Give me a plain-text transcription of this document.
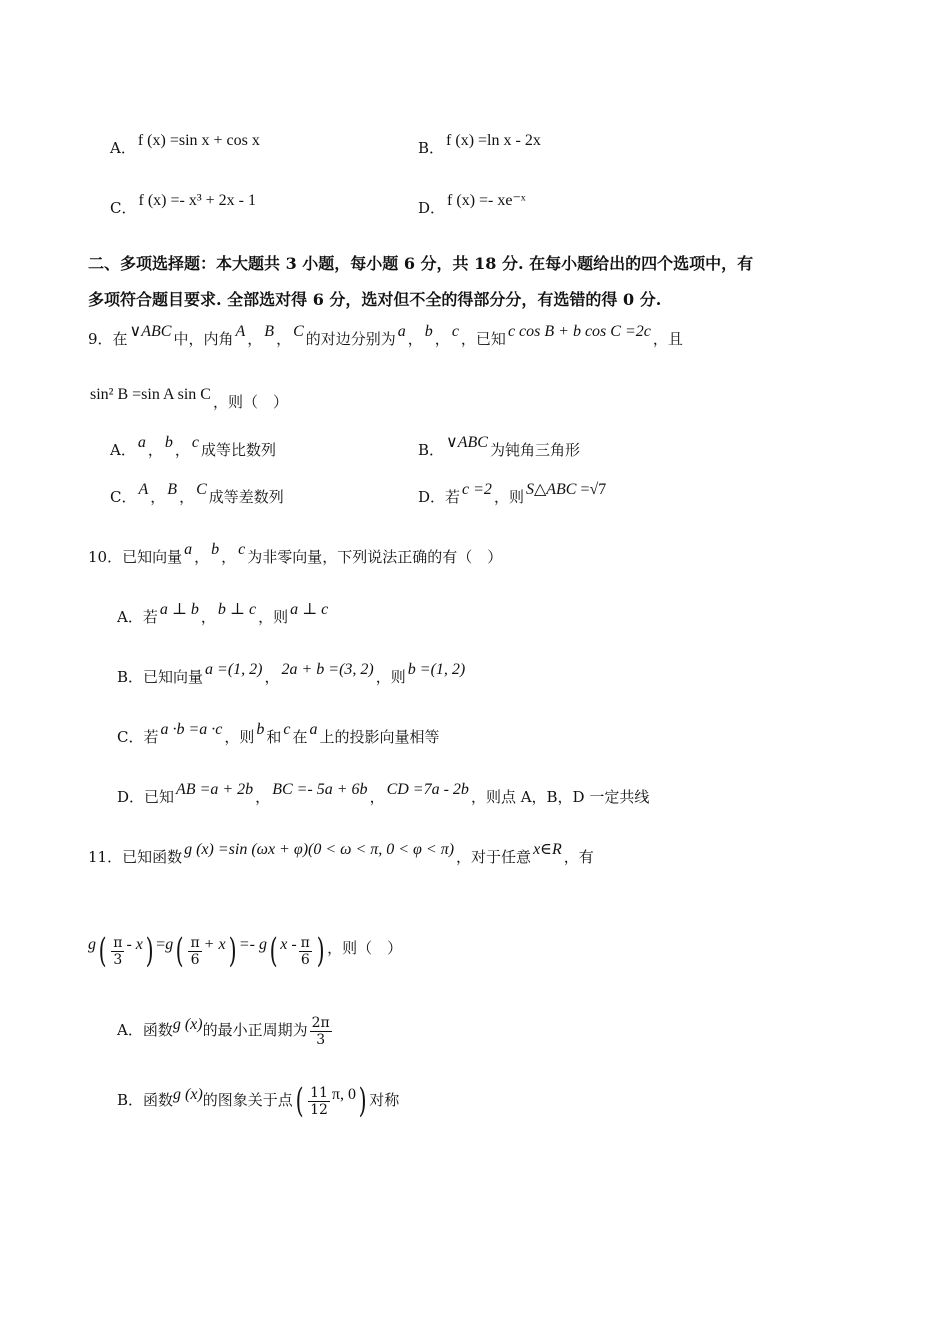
A． f (x) =sin x + cos x	B． f (x) =ln x - 2x
C． f (x) =- x³ + 2x - 1	D． f (x) =- xe⁻ˣ
二、多项选择题：本大题共 3 小题，每小题 6 分，共 18 分. 在每小题给出的四个选项中，有
多项符合题目要求. 全部选对得 6 分，选对但不全的得部分分，有选错的得 0 分.
9．在 ∨ABC 中，内角 A ， B ， C 的对边分别为 a ， b ， c ，已知 c cos B + b cos C =2c ，且
sin² B =sin A sin C ，则（　）
A． a ， b ， c 成等比数列	B． ∨ABC 为钝角三角形
C． A ， B ， C 成等差数列	D．若 c =2 ，则 S△ABC =√7
10．已知向量 a ， b ， c 为非零向量，下列说法正确的有（　）
A．若 a ⊥ b ， b ⊥ c ，则 a ⊥ c
B．已知向量 a =(1, 2) ， 2a + b =(3, 2) ，则 b =(1, 2)
C．若 a ·b =a ·c ，则 b 和 c 在 a 上的投影向量相等
D．已知 AB =a + 2b ， BC =- 5a + 6b ， CD =7a - 2b ，则点 A，B，D 一定共线
11．已知函数 g (x) =sin (ωx + φ)(0 < ω < π, 0 < φ < π) ，对于任意 x∈R ，有
$g( \frac{\pi}{3} - x) =g( \frac{\pi}{6} + x) =- g$( x - $\frac{\pi}{6}$ ) ，则（　）
A．函数g (x)的最小正周期为 $\frac{2\pi}{3}$
B．函数g (x)的图象关于点( $\frac{11}{12} \pi$, 0) 对称
